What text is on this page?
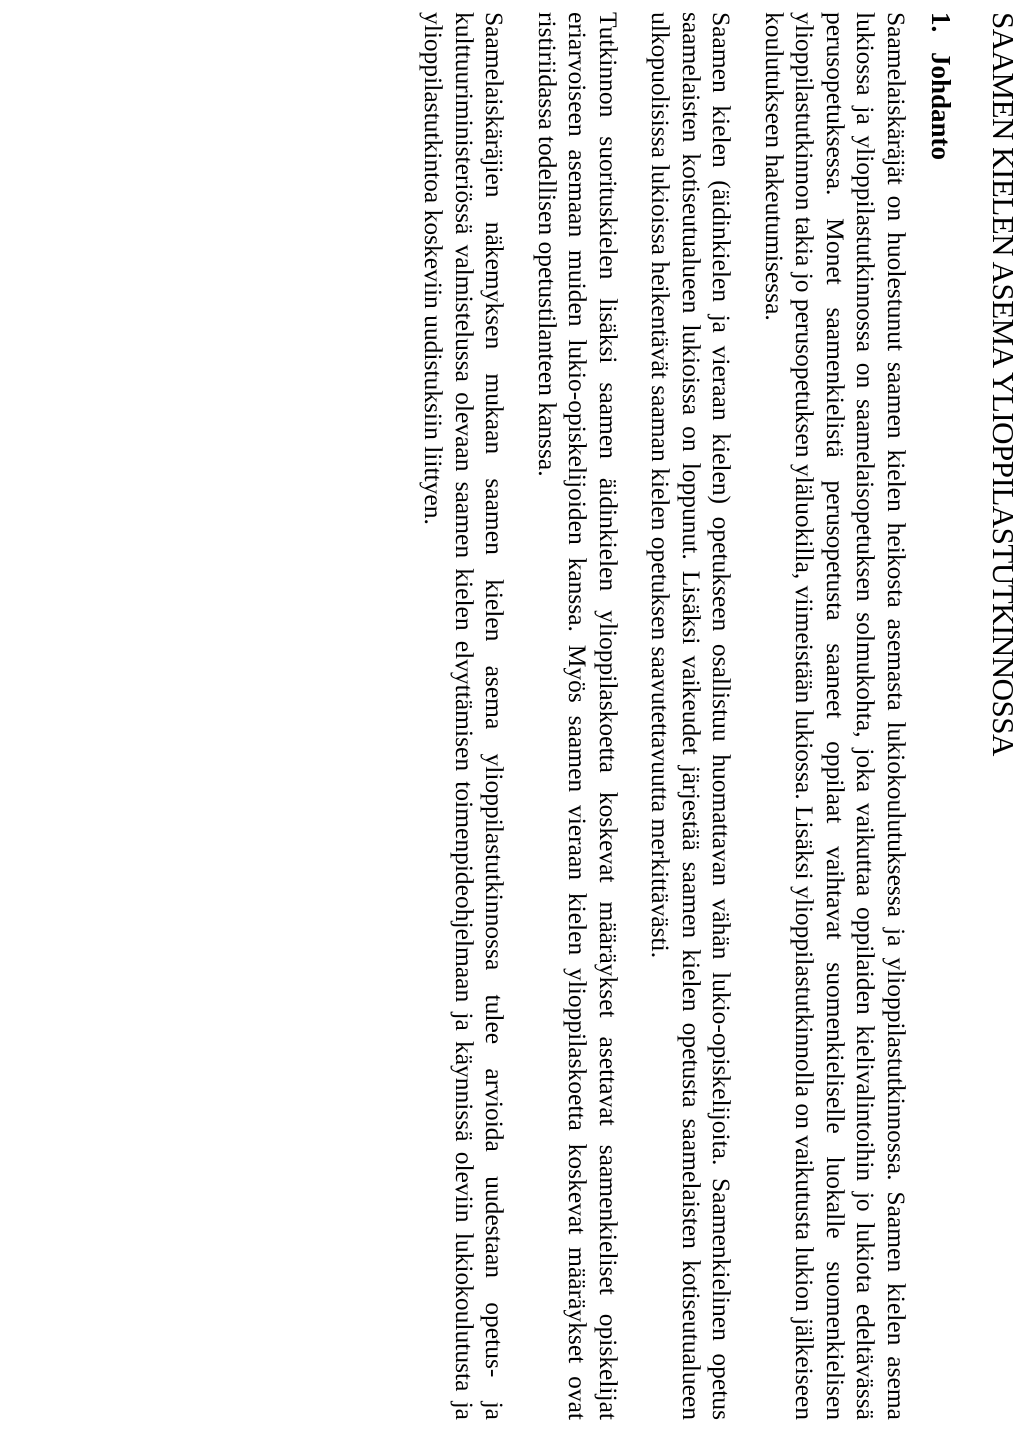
SAAMEN KIELEN ASEMA YLIOPPILASTUTKINNOSSA
1.Johdanto

Saamelaiskäräjät on huolestunut saamen kielen heikosta asemasta lukiokoulutuksessa ja ylioppilastutkinnossa. Saamen kielen asema lukiossa ja ylioppilastutkinnossa on saamelaisopetuksen solmukohta, joka vaikuttaa oppilaiden kielivalintoihin jo lukiota edeltävässä perusopetuksessa. Monet saamenkielistä perusopetusta saaneet oppilaat vaihtavat suomenkieliselle luokalle suomenkielisen ylioppilastutkinnon takia jo perusopetuksen yläluokilla, viimeistään lukiossa. Lisäksi ylioppilastutkinnolla on vaikutusta lukion jälkeiseen koulutukseen hakeutumisessa.

Saamen kielen (äidinkielen ja vieraan kielen) opetukseen osallistuu huomattavan vähän lukio-opiskelijoita. Saamenkielinen opetus saamelaisten kotiseutualueen lukioissa on loppunut. Lisäksi vaikeudet järjestää saamen kielen opetusta saamelaisten kotiseutualueen ulkopuolisissa lukioissa heikentävät saaman kielen opetuksen saavutettavuutta merkittävästi.

Tutkinnon suorituskielen lisäksi saamen äidinkielen ylioppilaskoetta koskevat määräykset asettavat saamenkieliset opiskelijat eriarvoiseen asemaan muiden lukio-opiskelijoiden kanssa. Myös saamen vieraan kielen ylioppilaskoetta koskevat määräykset ovat ristiriidassa todellisen opetustilanteen kanssa.

Saamelaiskäräjien näkemyksen mukaan saamen kielen asema ylioppilastutkinnossa tulee arvioida uudestaan opetus- ja kulttuuriministeriössä valmistelussa olevaan saamen kielen elvyttämisen toimenpideohjelmaan ja käynnissä oleviin lukiokoulutusta ja ylioppilastutkintoa koskeviin uudistuksiin liittyen.
